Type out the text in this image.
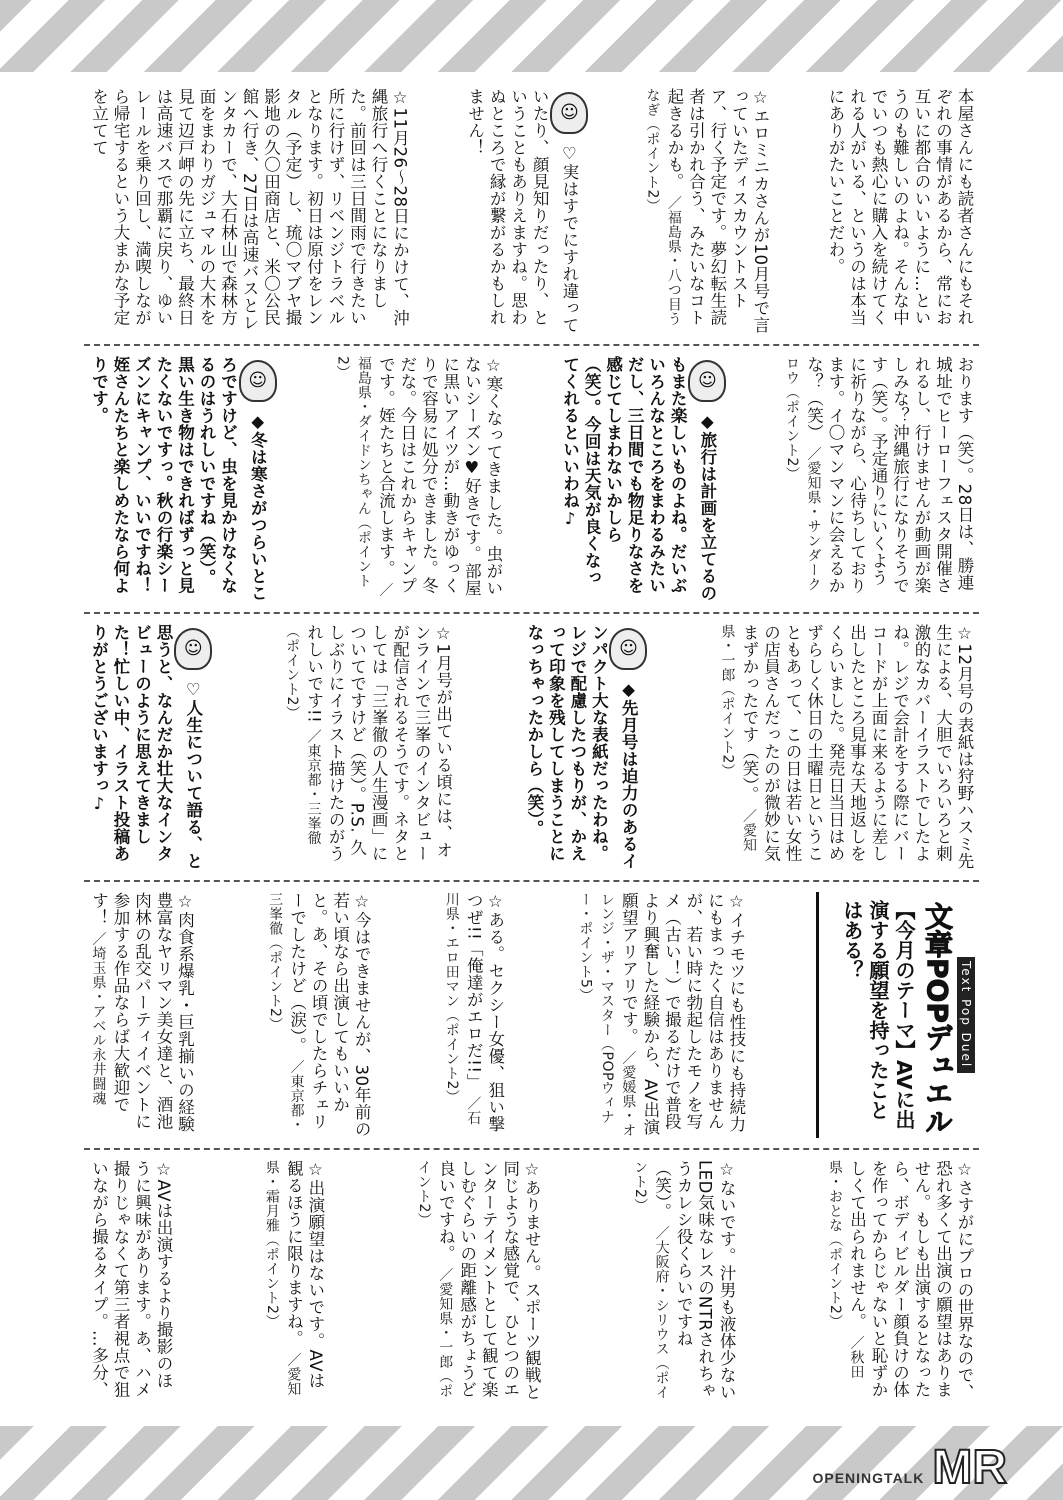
本屋さんにも読者さんにもそれぞれの事情があるから、常にお互いに都合のいいように…というのも難しいのよね。そんな中でいつも熱心に購入を続けてくれる人がいる、というのは本当にありがたいことだわ。
☆エロミニカさんが10月号で言っていたディスカウントストア、行く予定です。夢幻転生読者は引かれ合う、みたいなコト起きるかも。 ／福島県・八つ目うなぎ（ポイント2）
☺ ♡実はすでにすれ違っていたり、顔見知りだったり、ということもありえますね。思わぬところで縁が繋がるかもしれません！
☆11月26～28日にかけて、沖縄旅行へ行くことになりました。前回は三日間雨で行きたい所に行けず、リベンジトラベルとなります。初日は原付をレンタル（予定）し、琉〇マブヤ撮影地の久〇田商店と、米〇公民館へ行き、27日は高速バスとレンタカーで、大石林山で森林方面をまわりガジュマルの大木を見て辺戸岬の先に立ち、最終日は高速バスで那覇に戻り、ゆいレールを乗り回し、満喫しながら帰宅するという大まかな予定を立てて
おります（笑）。28日は、勝連城址でヒーローフェスタ開催されるし、行けませんが動画が楽しみな？沖縄旅行になりそうです（笑）。予定通りにいくように祈りながら、心待ちしております。イ〇マンマンに会えるかな？（笑） ／愛知県・サンダークロウ（ポイント2）
☺ ◆旅行は計画を立てるのもまた楽しいものよね。だいぶいろんなところをまわるみたいだし、三日間でも物足りなさを感じてしまわないかしら（笑）。今回は天気が良くなってくれるといいわね♪
☆寒くなってきました。虫がいないシーズン♥好きです。部屋に黒いアイツが…動きがゆっくりで容易に処分できました。冬だな。今日はこれからキャンプです。姪たちと合流します。 ／福島県・ダイドンちゃん（ポイント2）
☺ ◆冬は寒さがつらいところですけど、虫を見かけなくなるのはうれしいですね（笑）。黒い生き物はできればずっと見たくないですっ。秋の行楽シーズンにキャンプ、いいですね！姪さんたちと楽しめたなら何よりです。
☆12月号の表紙は狩野ハスミ先生による、大胆でいろいろと刺激的なカバーイラストでしたよね。レジで会計をする際にバーコードが上面に来るように差し出したところ見事な天地返しをくらいました。発売日当日はめずらしく休日の土曜日ということもあって、この日は若い女性の店員さんだったのが微妙に気まずかったです（笑）。 ／愛知県・一郎（ポイント2）
☺ ◆先月号は迫力のあるインパクト大な表紙だったわね。レジで配慮したつもりが、かえって印象を残してしまうことになっちゃったかしら（笑）。
☆1月号が出ている頃には、オンラインで三峯のインタビューが配信されるそうです。ネタとしては「三峯徹の人生漫画」についてですけど（笑）。P.S. 久しぶりにイラスト描けたのがうれしいです!! ／東京都・三峯徹（ポイント2）
☺ ♡人生について語る、と思うと、なんだか壮大なインタビューのように思えてきました！忙しい中、イラスト投稿ありがとうございますっ♪
Text Pop Duel
文章POPデュエル
【今月のテーマ】AVに出演する願望を持ったことはある？
☆イチモツにも性技にも持続力にもまったく自信はありませんが、若い時に勃起したモノを写メ（古い！）で撮るだけで普段より興奮した経験から、AV出演願望アリアリです。 ／愛媛県・オレンジ・ザ・マスター（POPウィナー・ポイント5）
☆ある。セクシー女優、狙い撃つぜ!!「俺達がエロだ!!」 ／石川県・エロ田マン（ポイント2）
☆今はできませんが、30年前の若い頃なら出演してもいいかと。あ、その頃でしたらチェリーでしたけど（涙）。 ／東京都・三峯徹（ポイント2）
☆肉食系爆乳・巨乳揃いの経験豊富なヤリマン美女達と、酒池肉林の乱交パーティイベントに参加する作品ならば大歓迎です！ ／埼玉県・アベル永井闘魂
☆さすがにプロの世界なので、恐れ多くて出演の願望はありません。もしも出演するとなったら、ボディビルダー顔負けの体を作ってからじゃないと恥ずかしくて出られません。 ／秋田県・おとな（ポイント2）
☆ないです。汁男も液体少ないLED気味なレスのNTRされちゃうカレシ役くらいですね（笑）。 ／大阪府・シリウス（ポイント2）
☆ありません。スポーツ観戦と同じような感覚で、ひとつのエンターテイメントとして観て楽しむぐらいの距離感がちょうど良いですね。 ／愛知県・一郎（ポイント2）
☆出演願望はないです。AVは観るほうに限りますね。 ／愛知県・霜月雅（ポイント2）
☆AVは出演するより撮影のほうに興味があります。あ、ハメ撮りじゃなくて第三者視点で狙いながら撮るタイプ。…多分、
OPENINGTALK MR
